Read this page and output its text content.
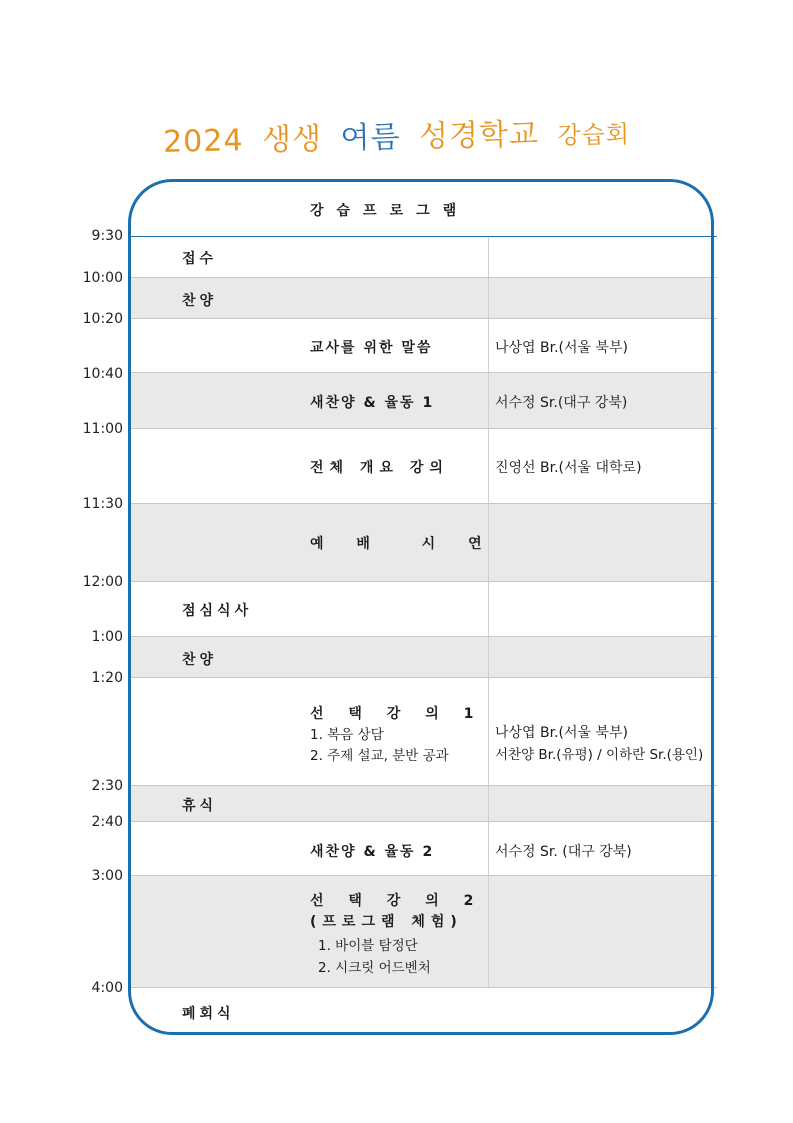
2024 생생 여름 성경학교 강습회
강습프로그램
9:30
10:00
10:20
10:40
11:00
11:30
12:00
1:00
1:20
2:30
2:40
3:00
4:00
접수
찬양
점심식사
찬양
휴식
폐회식
교사를 위한 말씀
새찬양 & 율동 1
전체 개요 강의
예 배  시 연
선 택 강 의 1
1. 복음 상담
2. 주제 설교, 분반 공과
새찬양 & 율동 2
선 택 강 의 2
(프로그램 체험)
1. 바이블 탐정단
2. 시크릿 어드벤처
나상엽 Br.(서울 북부)
서수정 Sr.(대구 강북)
진영선 Br.(서울 대학로)
나상엽 Br.(서울 북부)
서찬양 Br.(유평) / 이하란 Sr.(용인)
서수정 Sr. (대구 강북)
